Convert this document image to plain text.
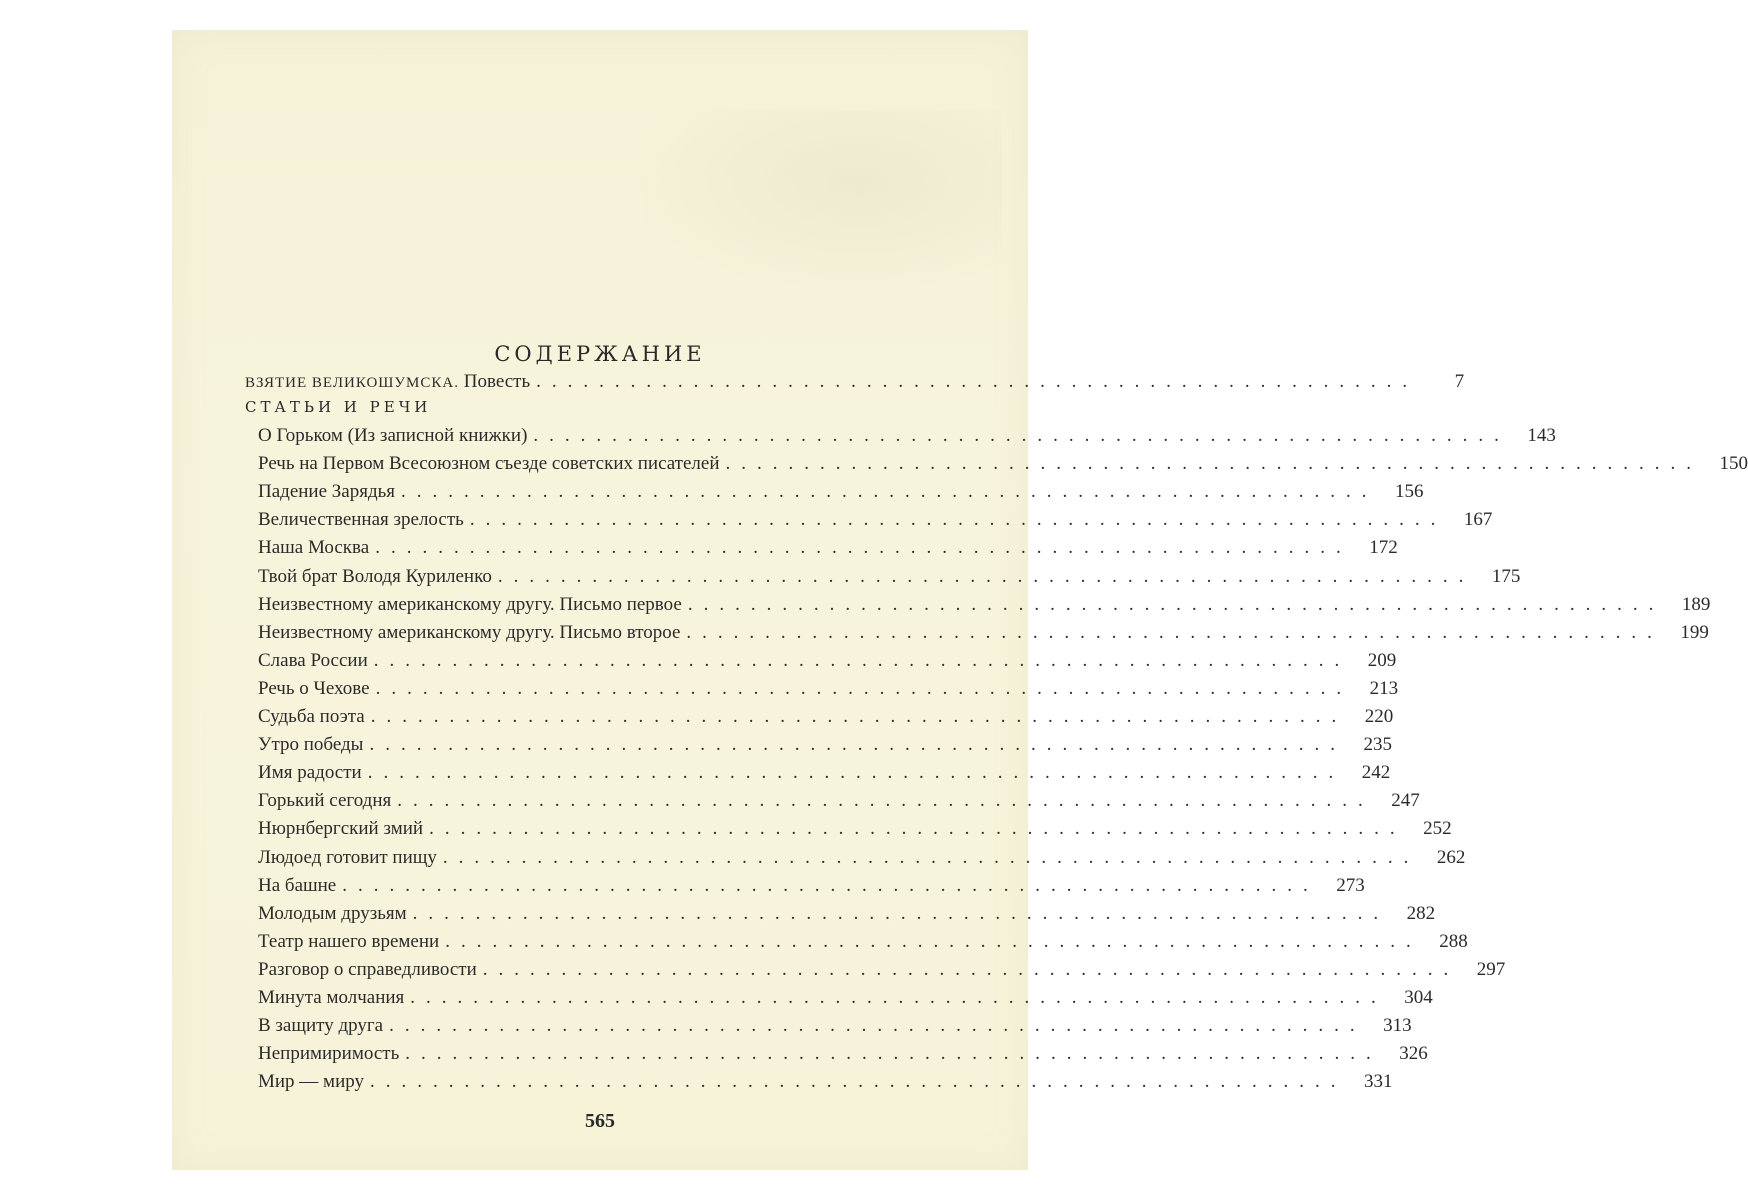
СОДЕРЖАНИЕ
ВЗЯТИЕ ВЕЛИКОШУМСКА. Повесть ........................................................	7
СТАТЬИ И РЕЧИ
О Горьком (Из записной книжки) .............................................................. 143
Речь на Первом Всесоюзном съезде советских писателей .............................................................. 150
Падение Зарядья .............................................................. 156
Величественная зрелость .............................................................. 167
Наша Москва .............................................................. 172
Твой брат Володя Куриленко .............................................................. 175
Неизвестному американскому другу. Письмо первое .............................................................. 189
Неизвестному американскому другу. Письмо второе .............................................................. 199
Слава России .............................................................. 209
Речь о Чехове .............................................................. 213
Судьба поэта .............................................................. 220
Утро победы .............................................................. 235
Имя радости .............................................................. 242
Горький сегодня .............................................................. 247
Нюрнбергский змий .............................................................. 252
Людоед готовит пищу .............................................................. 262
На башне .............................................................. 273
Молодым друзьям .............................................................. 282
Театр нашего времени .............................................................. 288
Разговор о справедливости .............................................................. 297
Минута молчания .............................................................. 304
В защиту друга .............................................................. 313
Непримиримость .............................................................. 326
Мир — миру .............................................................. 331
565
